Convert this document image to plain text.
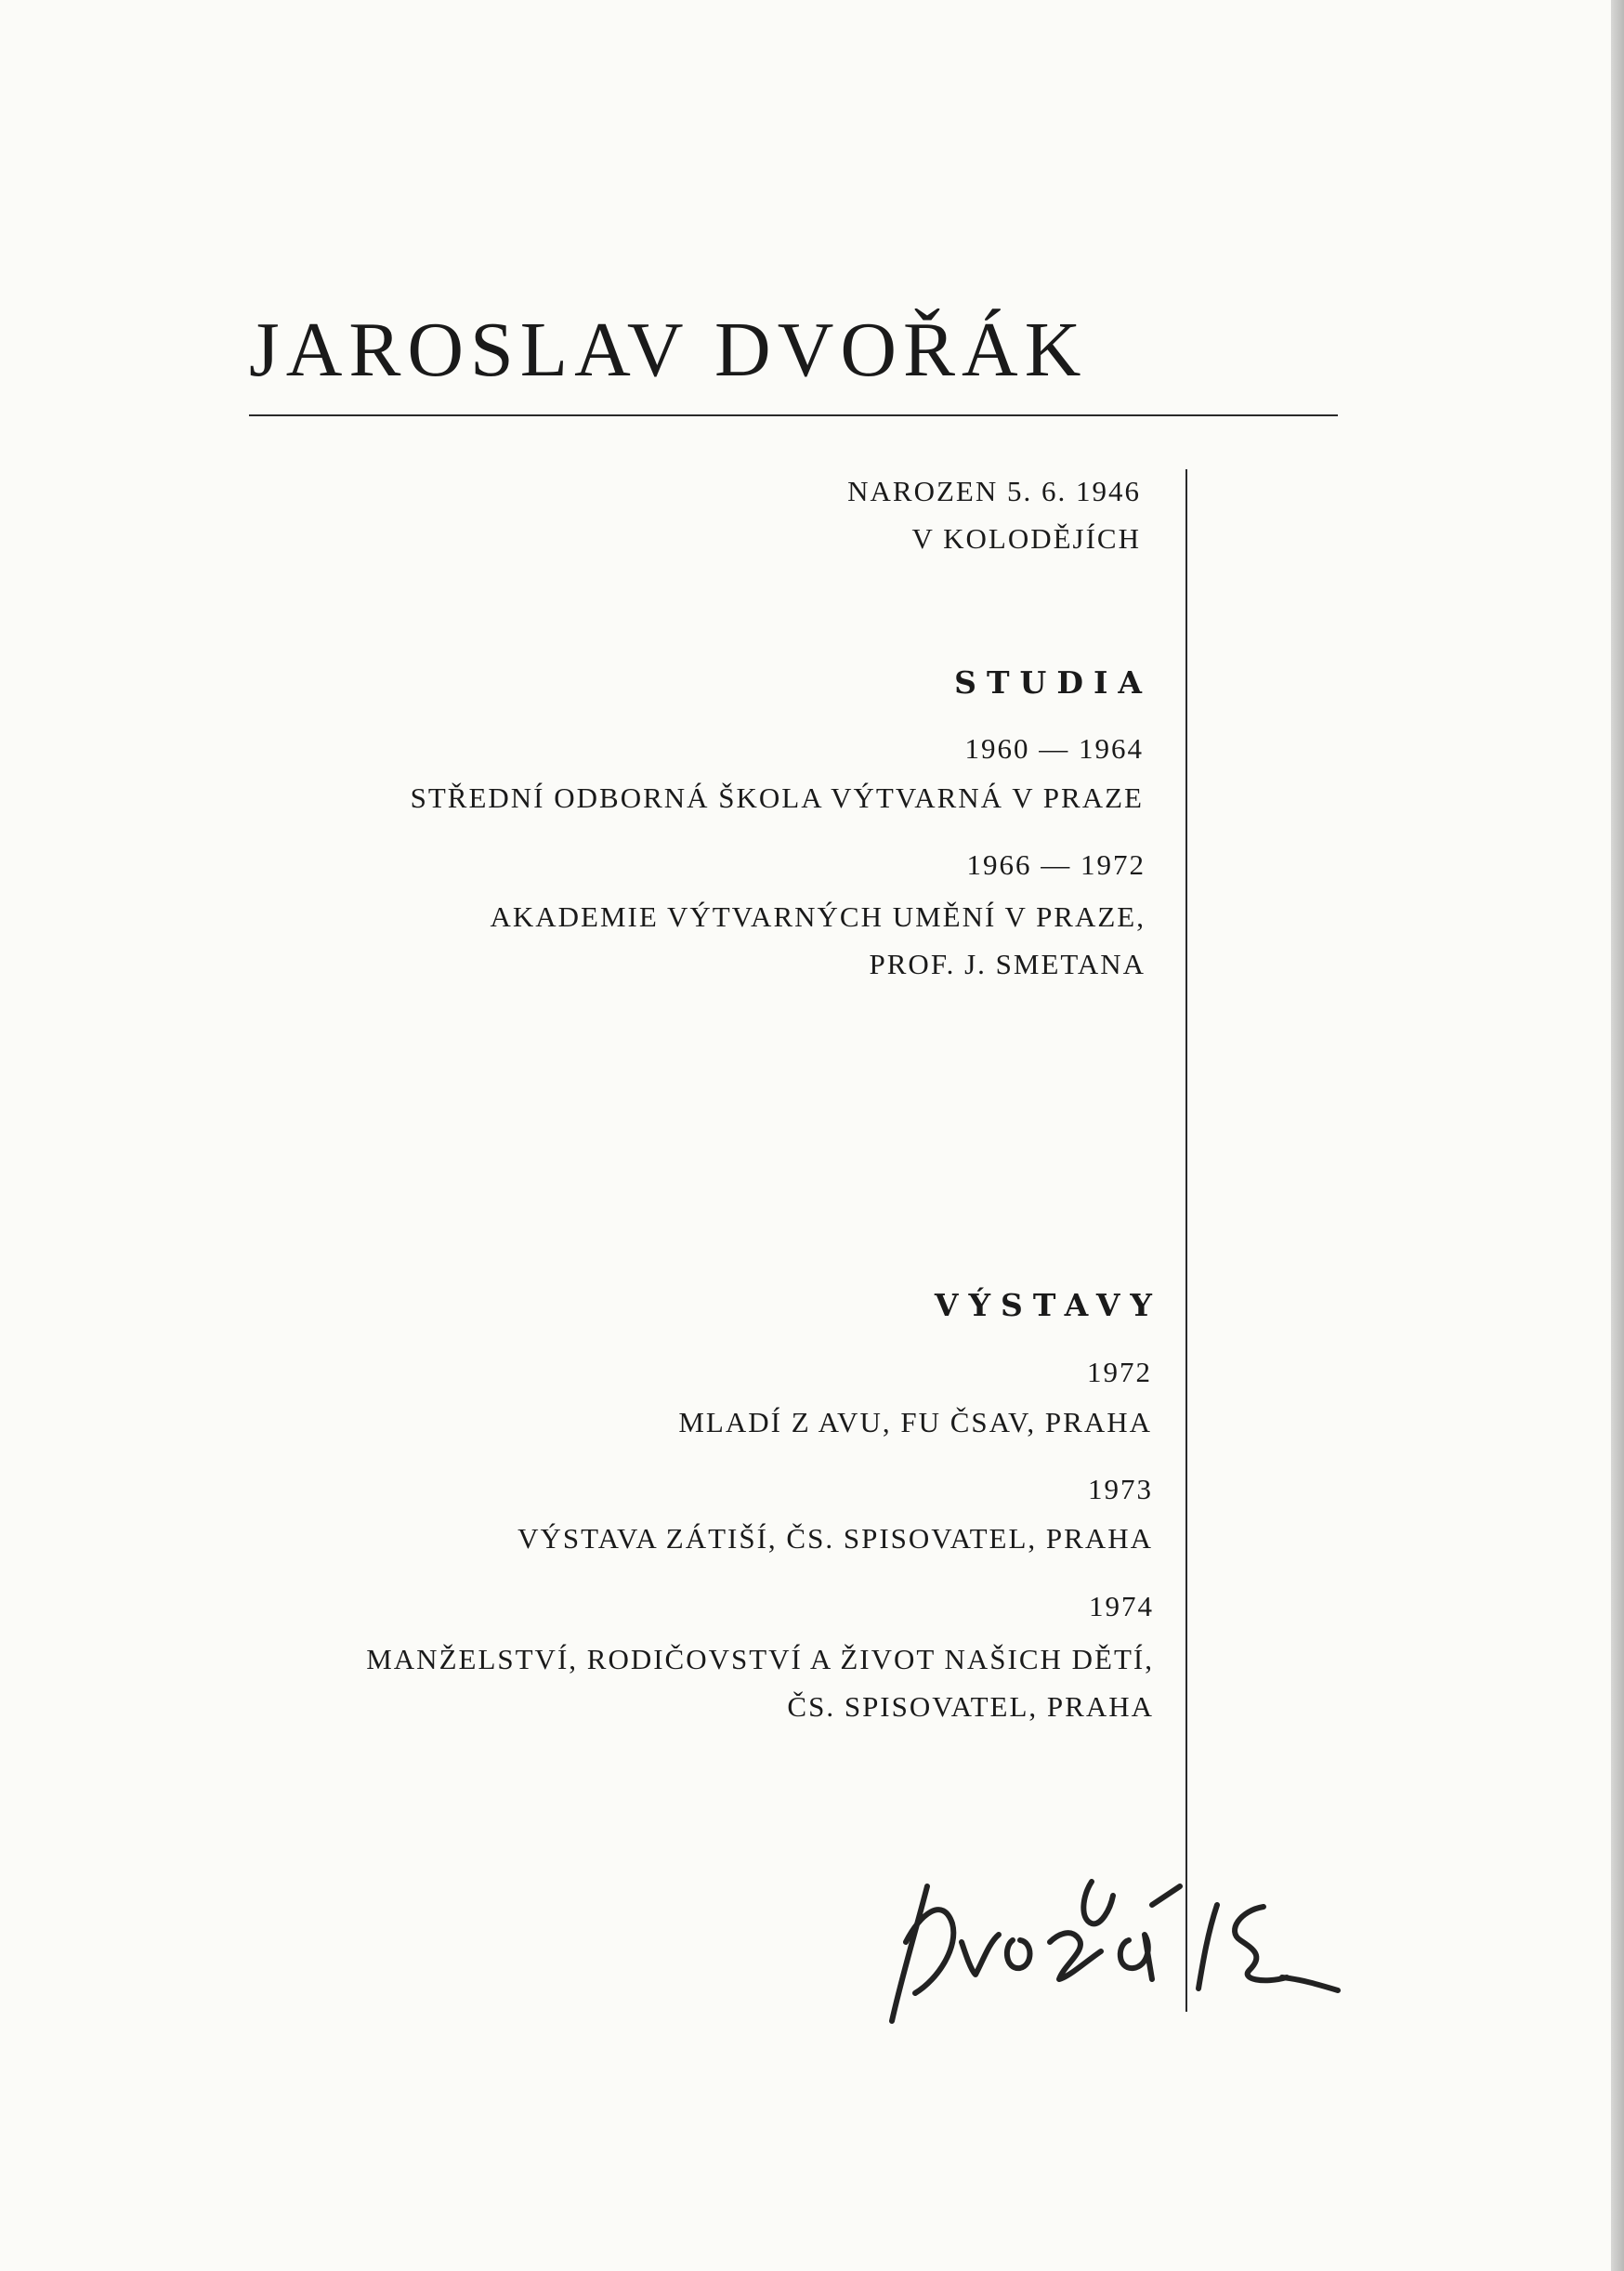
JAROSLAV DVOŘÁK
NAROZEN 5. 6. 1946
V KOLODĚJÍCH
STUDIA
1960 — 1964
STŘEDNÍ ODBORNÁ ŠKOLA VÝTVARNÁ V PRAZE
1966 — 1972
AKADEMIE VÝTVARNÝCH UMĚNÍ V PRAZE,
PROF. J. SMETANA
VÝSTAVY
1972
MLADÍ Z AVU, FU ČSAV, PRAHA
1973
VÝSTAVA ZÁTIŠÍ, ČS. SPISOVATEL, PRAHA
1974
MANŽELSTVÍ, RODIČOVSTVÍ A ŽIVOT NAŠICH DĚTÍ,
ČS. SPISOVATEL, PRAHA
